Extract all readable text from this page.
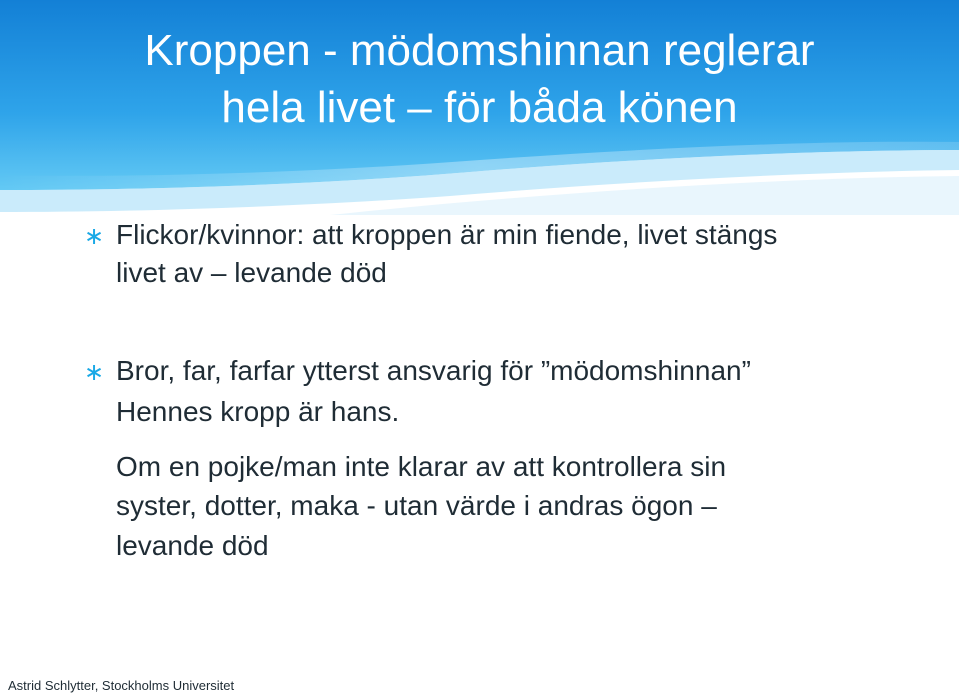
Kroppen - mödomshinnan reglerar
hela livet – för båda könen
∗ Flickor/kvinnor: att kroppen är min fiende, livet stängs
livet av – levande död
∗ Bror, far, farfar ytterst ansvarig för ”mödomshinnan”
Hennes kropp är hans.
Om en pojke/man inte klarar av att kontrollera sin
syster, dotter, maka - utan värde i andras ögon –
levande död
Astrid Schlytter, Stockholms Universitet
